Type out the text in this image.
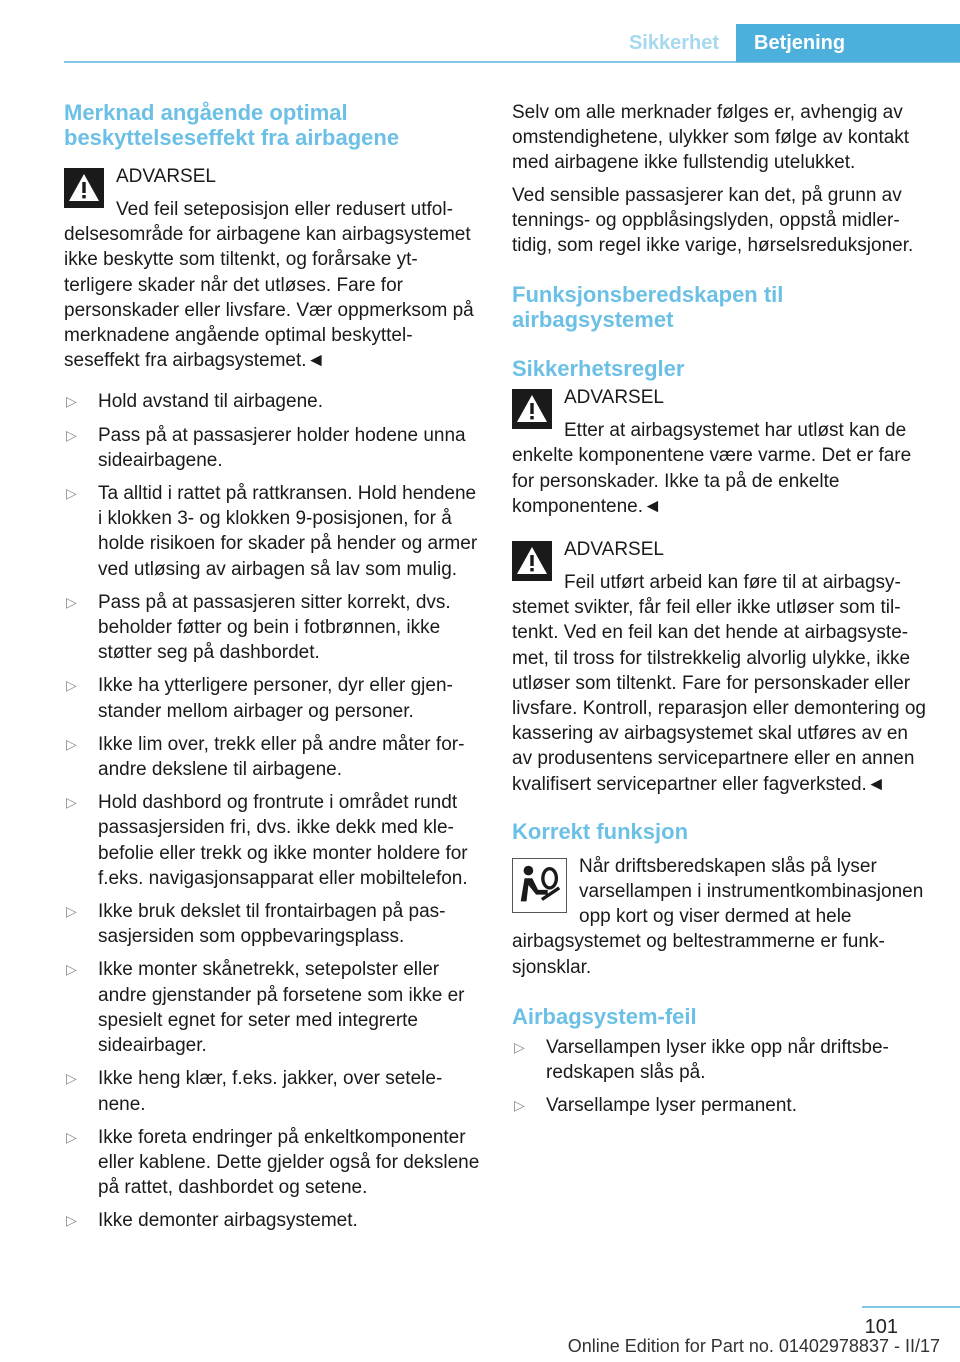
Sikkerhet	Betjening
Merknad angående optimal beskyttelseseffekt fra airbagene
ADVARSEL
Ved feil seteposisjon eller redusert utfoldelsesområde for airbagene kan airbagsystemet ikke beskytte som tiltenkt, og forårsake ytterligere skader når det utløses. Fare for personskader eller livsfare. Vær oppmerksom på merknadene angående optimal beskyttelseseffekt fra airbagsystemet.◄
▷	Hold avstand til airbagene.
▷	Pass på at passasjerer holder hodene unna sideairbagene.
▷	Ta alltid i rattet på rattkransen. Hold hendene i klokken 3- og klokken 9-posisjonen, for å holde risikoen for skader på hender og armer ved utløsing av airbagen så lav som mulig.
▷	Pass på at passasjeren sitter korrekt, dvs. beholder føtter og bein i fotbrønnen, ikke støtter seg på dashbordet.
▷	Ikke ha ytterligere personer, dyr eller gjenstander mellom airbager og personer.
▷	Ikke lim over, trekk eller på andre måter forandre dekslene til airbagene.
▷	Hold dashbord og frontrute i området rundt passasjersiden fri, dvs. ikke dekk med klebefolie eller trekk og ikke monter holdere for f.eks. navigasjonsapparat eller mobiltelefon.
▷	Ikke bruk dekslet til frontairbagen på passasjersiden som oppbevaringsplass.
▷	Ikke monter skånetrekk, setepolster eller andre gjenstander på forsetene som ikke er spesielt egnet for seter med integrerte sideairbager.
▷	Ikke heng klær, f.eks. jakker, over setelenene.
▷	Ikke foreta endringer på enkeltkomponenter eller kablene. Dette gjelder også for dekslene på rattet, dashbordet og setene.
▷	Ikke demonter airbagsystemet.

Selv om alle merknader følges er, avhengig av omstendighetene, ulykker som følge av kontakt med airbagene ikke fullstendig utelukket.

Ved sensible passasjerer kan det, på grunn av tennings- og oppblåsingslyden, oppstå midlertidig, som regel ikke varige, hørselsreduksjoner.

Funksjonsberedskapen til airbagsystemet
Sikkerhetsregler
ADVARSEL
Etter at airbagsystemet har utløst kan de enkelte komponentene være varme. Det er fare for personskader. Ikke ta på de enkelte komponentene.◄
ADVARSEL
Feil utført arbeid kan føre til at airbagsystemet svikter, får feil eller ikke utløser som tiltenkt. Ved en feil kan det hende at airbagsystemet, til tross for tilstrekkelig alvorlig ulykke, ikke utløser som tiltenkt. Fare for personskader eller livsfare. Kontroll, reparasjon eller demontering og kassering av airbagsystemet skal utføres av en av produsentens servicepartnere eller en annen kvalifisert servicepartner eller fagverksted.◄
Korrekt funksjon
Når driftsberedskapen slås på lyser varsellampen i instrumentkombinasjonen opp kort og viser dermed at hele airbagsystemet og beltestrammerne er funksjonsklar.
Airbagsystem-feil
▷	Varsellampen lyser ikke opp når driftsberedskapen slås på.
▷	Varsellampe lyser permanent.
101
Online Edition for Part no. 01402978837 - II/17
